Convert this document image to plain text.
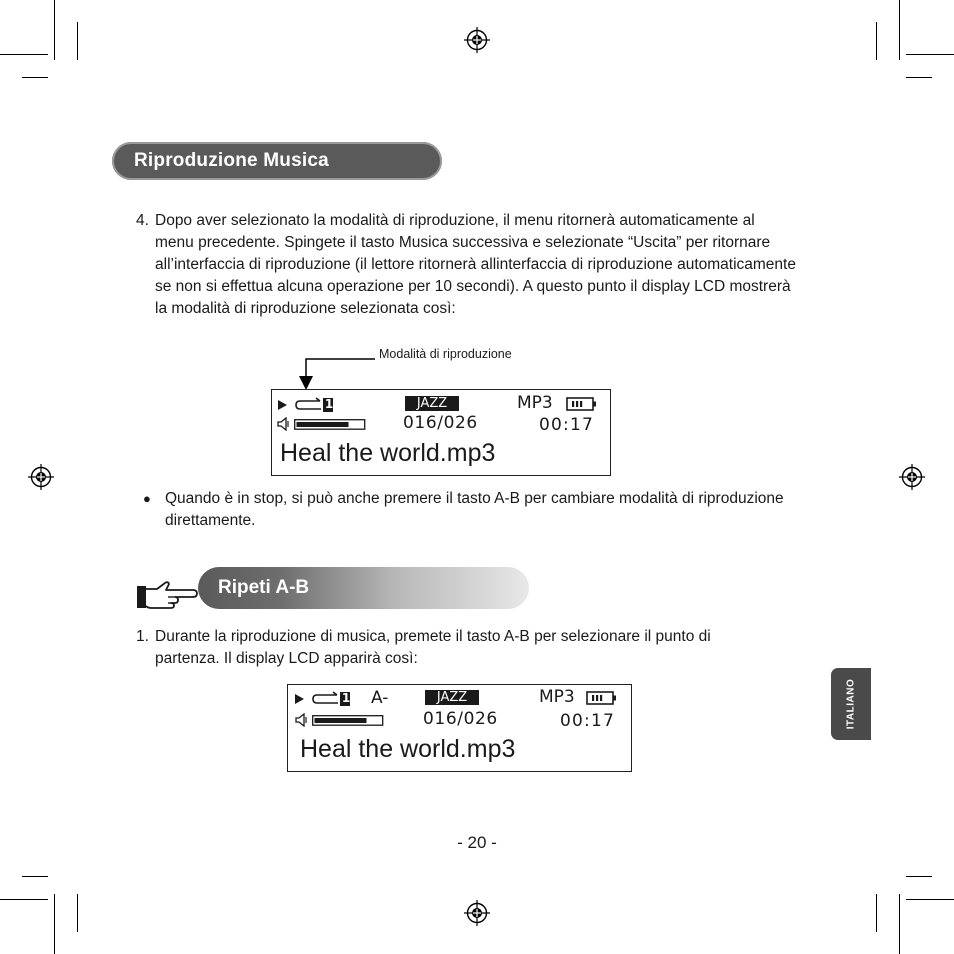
Riproduzione Musica
4. Dopo aver selezionato la modalità di riproduzione, il menu ritornerà automaticamente al menu precedente. Spingete il tasto Musica successiva e selezionate “Uscita” per ritornare all’interfaccia di riproduzione (il lettore ritornerà allinterfaccia di riproduzione automaticamente se non si effettua alcuna operazione per 10 secondi). A questo punto il display LCD mostrerà la modalità di riproduzione selezionata così:
Modalità di riproduzione
1	JAZZ	MP3
016/026	00:17
Heal the world.mp3
● Quando è in stop, si può anche premere il tasto A-B per cambiare modalità di riproduzione direttamente.
Ripeti A-B
1. Durante la riproduzione di musica, premete il tasto A-B per selezionare il punto di partenza. Il display LCD apparirà così:
1 A-	JAZZ	MP3
016/026	00:17
Heal the world.mp3
ITALIANO
- 20 -
